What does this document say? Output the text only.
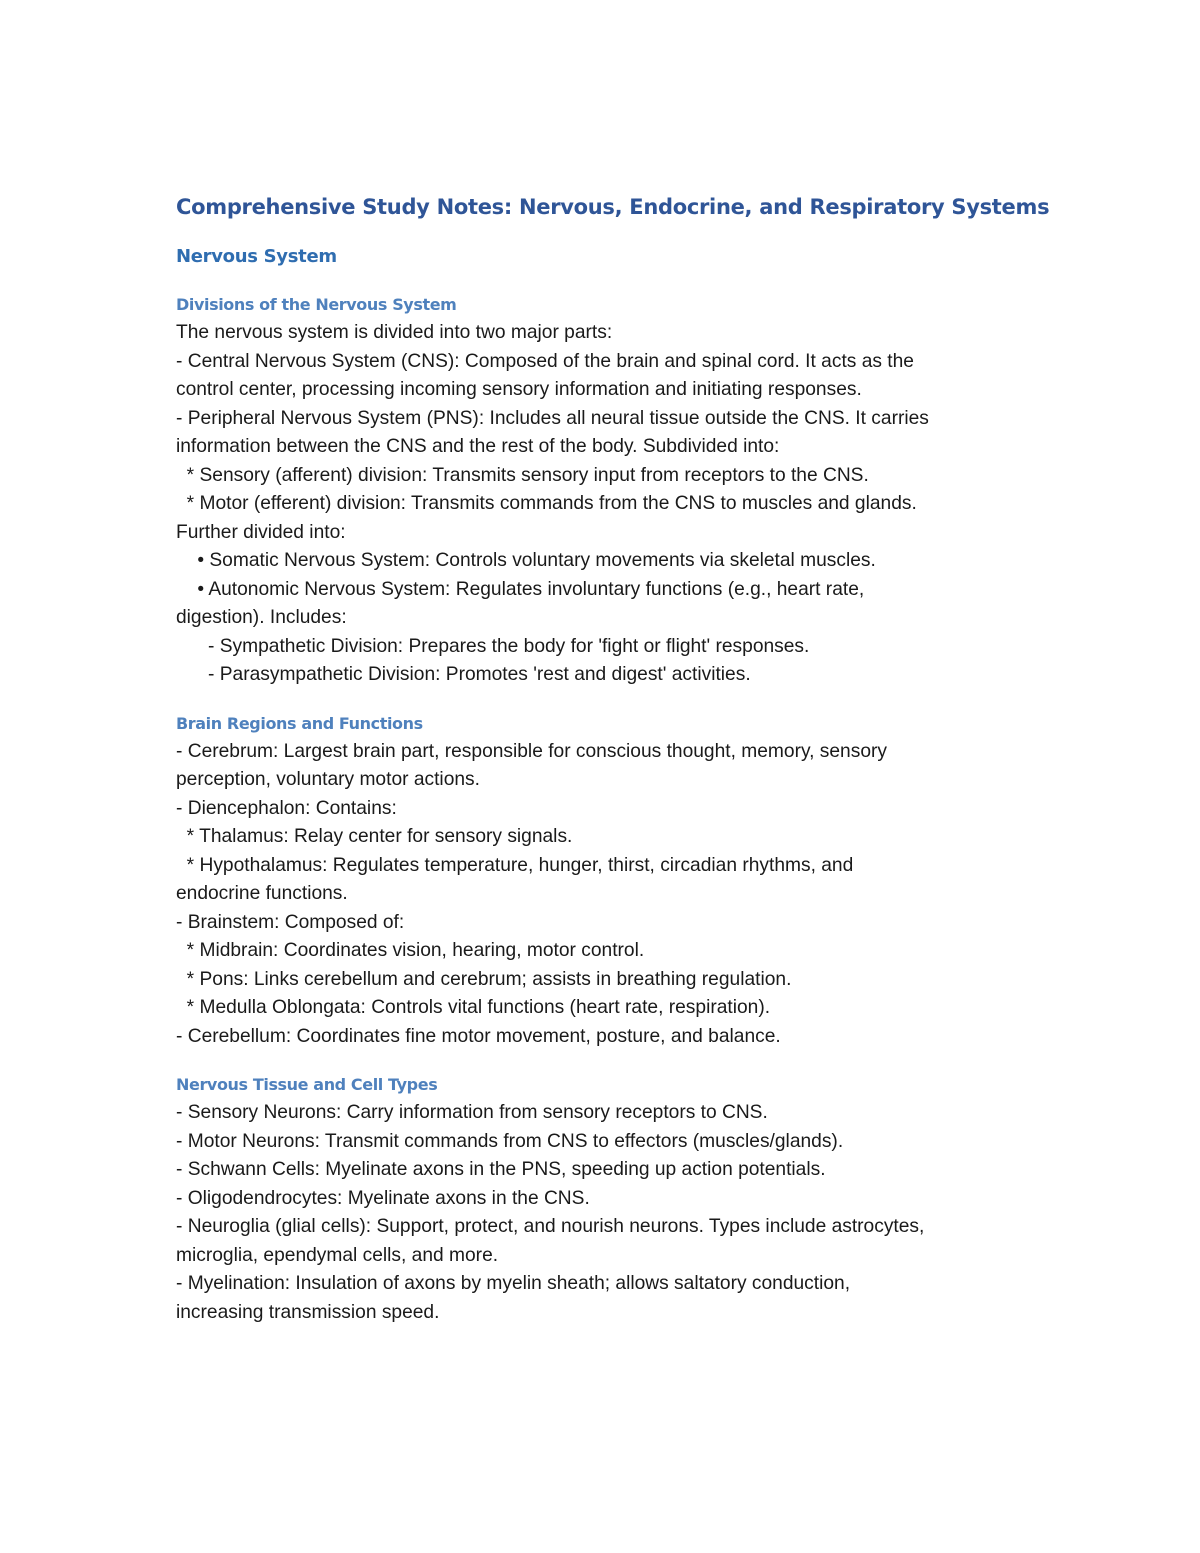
Comprehensive Study Notes: Nervous, Endocrine, and Respiratory Systems
Nervous System
Divisions of the Nervous System
The nervous system is divided into two major parts:
- Central Nervous System (CNS): Composed of the brain and spinal cord. It acts as the
control center, processing incoming sensory information and initiating responses.
- Peripheral Nervous System (PNS): Includes all neural tissue outside the CNS. It carries
information between the CNS and the rest of the body. Subdivided into:
* Sensory (afferent) division: Transmits sensory input from receptors to the CNS.
* Motor (efferent) division: Transmits commands from the CNS to muscles and glands.
Further divided into:
• Somatic Nervous System: Controls voluntary movements via skeletal muscles.
• Autonomic Nervous System: Regulates involuntary functions (e.g., heart rate,
digestion). Includes:
- Sympathetic Division: Prepares the body for 'fight or flight' responses.
- Parasympathetic Division: Promotes 'rest and digest' activities.
Brain Regions and Functions
- Cerebrum: Largest brain part, responsible for conscious thought, memory, sensory
perception, voluntary motor actions.
- Diencephalon: Contains:
* Thalamus: Relay center for sensory signals.
* Hypothalamus: Regulates temperature, hunger, thirst, circadian rhythms, and
endocrine functions.
- Brainstem: Composed of:
* Midbrain: Coordinates vision, hearing, motor control.
* Pons: Links cerebellum and cerebrum; assists in breathing regulation.
* Medulla Oblongata: Controls vital functions (heart rate, respiration).
- Cerebellum: Coordinates fine motor movement, posture, and balance.
Nervous Tissue and Cell Types
- Sensory Neurons: Carry information from sensory receptors to CNS.
- Motor Neurons: Transmit commands from CNS to effectors (muscles/glands).
- Schwann Cells: Myelinate axons in the PNS, speeding up action potentials.
- Oligodendrocytes: Myelinate axons in the CNS.
- Neuroglia (glial cells): Support, protect, and nourish neurons. Types include astrocytes,
microglia, ependymal cells, and more.
- Myelination: Insulation of axons by myelin sheath; allows saltatory conduction,
increasing transmission speed.
